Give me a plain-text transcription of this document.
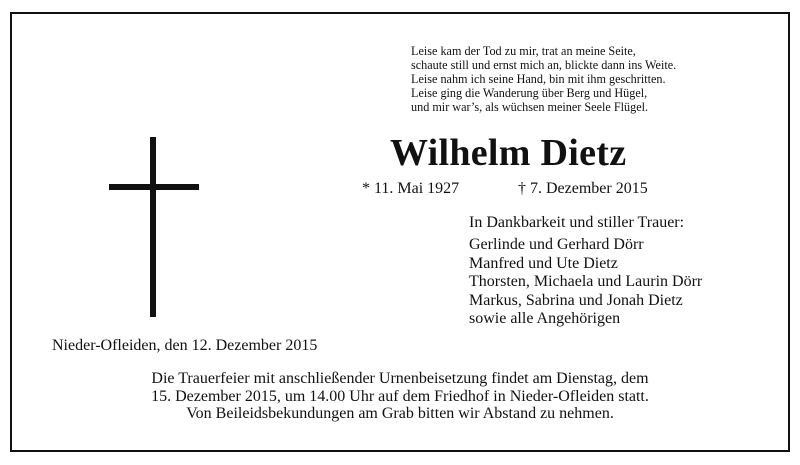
Leise kam der Tod zu mir, trat an meine Seite,
schaute still und ernst mich an, blickte dann ins Weite.
Leise nahm ich seine Hand, bin mit ihm geschritten.
Leise ging die Wanderung über Berg und Hügel,
und mir war’s, als wüchsen meiner Seele Flügel.
Wilhelm Dietz
* 11. Mai 1927	† 7. Dezember 2015
In Dankbarkeit und stiller Trauer:
Gerlinde und Gerhard Dörr
Manfred und Ute Dietz
Thorsten, Michaela und Laurin Dörr
Markus, Sabrina und Jonah Dietz
sowie alle Angehörigen
Nieder-Ofleiden, den 12. Dezember 2015
Die Trauerfeier mit anschließender Urnenbeisetzung findet am Dienstag, dem
15. Dezember 2015, um 14.00 Uhr auf dem Friedhof in Nieder-Ofleiden statt.
Von Beileidsbekundungen am Grab bitten wir Abstand zu nehmen.
